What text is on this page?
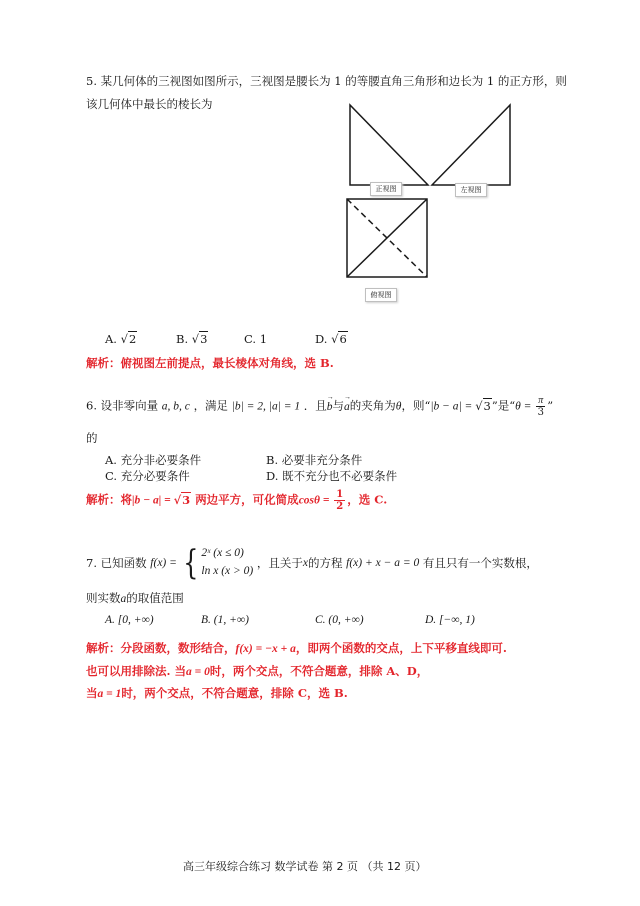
5. 某几何体的三视图如图所示，三视图是腰长为 1 的等腰直角三角形和边长为 1 的正方形，则
该几何体中最长的棱长为
正视图	左视图
俯视图
A. √2	B. √3	C. 1	D. √6
解析：俯视图左前提点，最长棱体对角线，选 B.
6. 设非零向量 a, b, c ，满足 |b| = 2, |a| = 1 ．且→ b与→ a的夹角为θ，则“|b − a| = √3”是“$\theta = \frac{\pi}{3}$ ”
的
A. 充分非必要条件	B. 必要非充分条件
C. 充分必要条件	D. 既不充分也不必要条件
解析：将|b − a| = √3 两边平方，可化简成$\cos\theta = \frac{1}{2}$ ，选 C.
7. 已知函数 f(x) = { 2ˣ (x ≤ 0)
ln x (x > 0)
，且关于x的方程 f(x) + x − a = 0 有且只有一个实数根，
则实数a的取值范围
A. [0, +∞)	B. (1, +∞)	C. (0, +∞)	D. [−∞, 1)
解析：分段函数，数形结合，f(x) = −x + a，即两个函数的交点，上下平移直线即可.
也可以用排除法. 当a = 0时，两个交点，不符合题意，排除 A、D，
当a = 1时，两个交点，不符合题意，排除 C，选 B.
高三年级综合练习 数学试卷 第 2 页 （共 12 页）
